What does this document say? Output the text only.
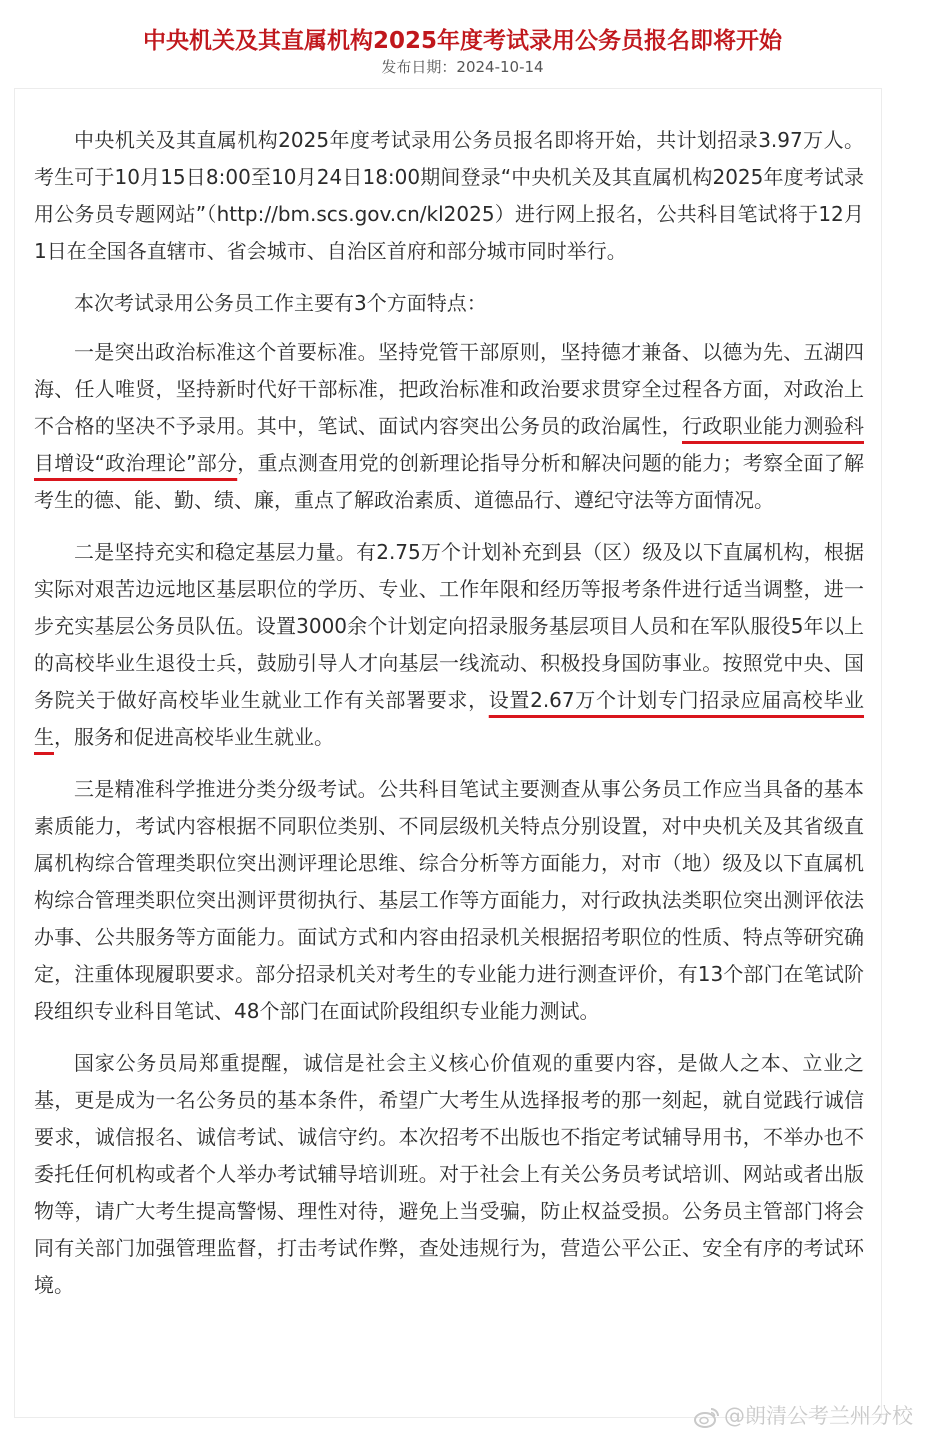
中央机关及其直属机构2025年度考试录用公务员报名即将开始
发布日期：2024-10-14

中央机关及其直属机构2025年度考试录用公务员报名即将开始，共计划招录3.97万人。考生可于10月15日8:00至10月24日18:00期间登录“中央机关及其直属机构2025年度考试录用公务员专题网站”（http://bm.scs.gov.cn/kl2025）进行网上报名，公共科目笔试将于12月1日在全国各直辖市、省会城市、自治区首府和部分城市同时举行。

本次考试录用公务员工作主要有3个方面特点：

一是突出政治标准这个首要标准。坚持党管干部原则，坚持德才兼备、以德为先、五湖四海、任人唯贤，坚持新时代好干部标准，把政治标准和政治要求贯穿全过程各方面，对政治上不合格的坚决不予录用。其中，笔试、面试内容突出公务员的政治属性，行政职业能力测验科目增设“政治理论”部分，重点测查用党的创新理论指导分析和解决问题的能力；考察全面了解考生的德、能、勤、绩、廉，重点了解政治素质、道德品行、遵纪守法等方面情况。

二是坚持充实和稳定基层力量。有2.75万个计划补充到县（区）级及以下直属机构，根据实际对艰苦边远地区基层职位的学历、专业、工作年限和经历等报考条件进行适当调整，进一步充实基层公务员队伍。设置3000余个计划定向招录服务基层项目人员和在军队服役5年以上的高校毕业生退役士兵，鼓励引导人才向基层一线流动、积极投身国防事业。按照党中央、国务院关于做好高校毕业生就业工作有关部署要求，设置2.67万个计划专门招录应届高校毕业生，服务和促进高校毕业生就业。

三是精准科学推进分类分级考试。公共科目笔试主要测查从事公务员工作应当具备的基本素质能力，考试内容根据不同职位类别、不同层级机关特点分别设置，对中央机关及其省级直属机构综合管理类职位突出测评理论思维、综合分析等方面能力，对市（地）级及以下直属机构综合管理类职位突出测评贯彻执行、基层工作等方面能力，对行政执法类职位突出测评依法办事、公共服务等方面能力。面试方式和内容由招录机关根据招考职位的性质、特点等研究确定，注重体现履职要求。部分招录机关对考生的专业能力进行测查评价，有13个部门在笔试阶段组织专业科目笔试、48个部门在面试阶段组织专业能力测试。

国家公务员局郑重提醒，诚信是社会主义核心价值观的重要内容，是做人之本、立业之基，更是成为一名公务员的基本条件，希望广大考生从选择报考的那一刻起，就自觉践行诚信要求，诚信报名、诚信考试、诚信守约。本次招考不出版也不指定考试辅导用书，不举办也不委托任何机构或者个人举办考试辅导培训班。对于社会上有关公务员考试培训、网站或者出版物等，请广大考生提高警惕、理性对待，避免上当受骗，防止权益受损。公务员主管部门将会同有关部门加强管理监督，打击考试作弊，查处违规行为，营造公平公正、安全有序的考试环境。

@朗清公考兰州分校
